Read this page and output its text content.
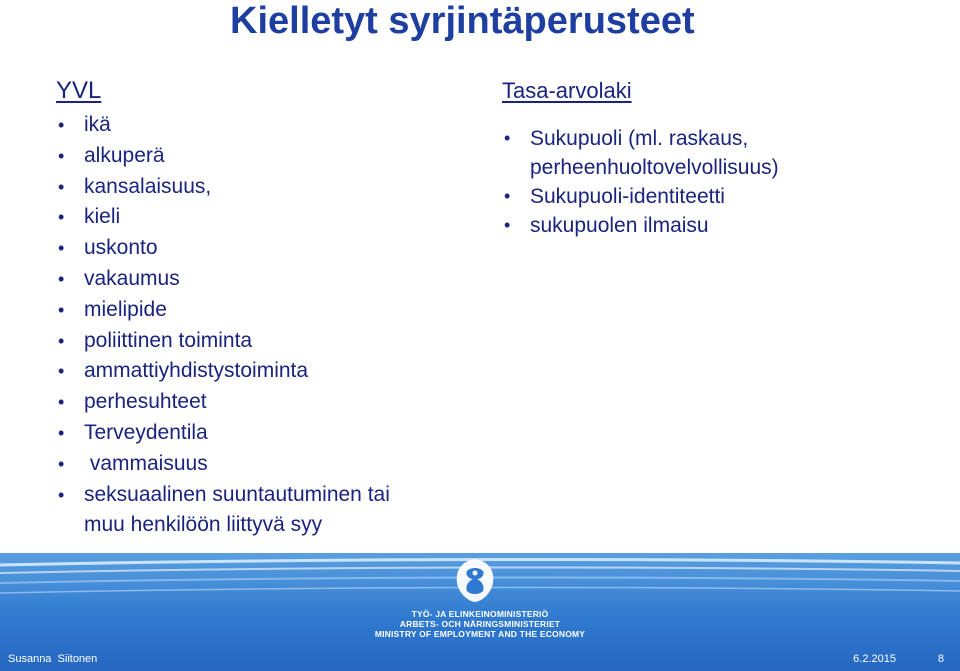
Kielletyt syrjintäperusteet
YVL
• ikä
• alkuperä
• kansalaisuus,
• kieli
• uskonto
• vakaumus
• mielipide
• poliittinen toiminta
• ammattiyhdistystoiminta
• perhesuhteet
• Terveydentila
•  vammaisuus
• seksuaalinen suuntautuminen tai
muu henkilöön liittyvä syy
Tasa-arvolaki
• Sukupuoli (ml. raskaus,
perheenhuoltovelvollisuus)
• Sukupuoli-identiteetti
• sukupuolen ilmaisu
TYÖ- JA ELINKEINOMINISTERIÖ
ARBETS- OCH NÄRINGSMINISTERIET
MINISTRY OF EMPLOYMENT AND THE ECONOMY
Susanna  Siitonen	6.2.2015	8
